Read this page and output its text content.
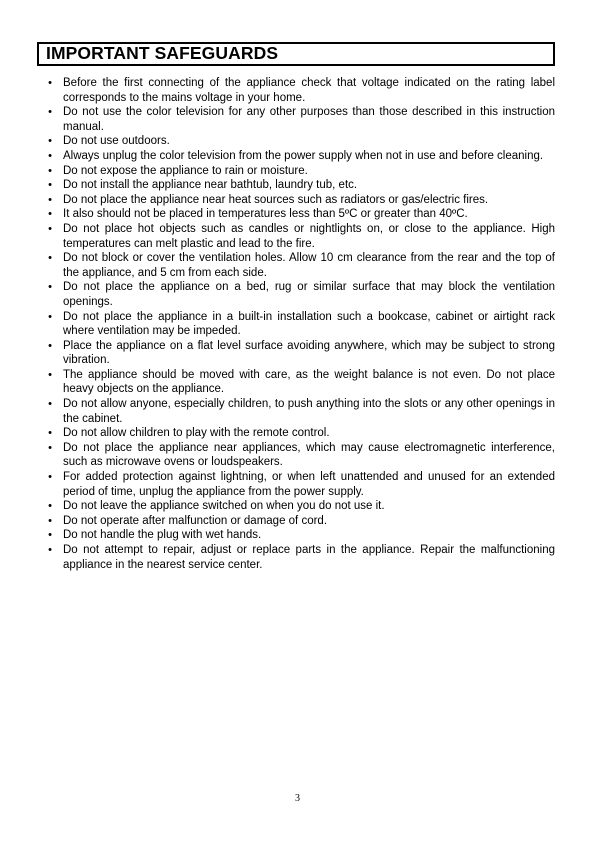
IMPORTANT SAFEGUARDS
• Before the first connecting of the appliance check that voltage indicated on the rating label corresponds to the mains voltage in your home.
• Do not use the color television for any other purposes than those described in this instruction manual.
• Do not use outdoors.
• Always unplug the color television from the power supply when not in use and before cleaning.
• Do not expose the appliance to rain or moisture.
• Do not install the appliance near bathtub, laundry tub, etc.
• Do not place the appliance near heat sources such as radiators or gas/electric fires.
• It also should not be placed in temperatures less than 5ºC or greater than 40ºC.
• Do not place hot objects such as candles or nightlights on, or close to the appliance. High temperatures can melt plastic and lead to the fire.
• Do not block or cover the ventilation holes. Allow 10 cm clearance from the rear and the top of the appliance, and 5 cm from each side.
• Do not place the appliance on a bed, rug or similar surface that may block the ventilation openings.
• Do not place the appliance in a built-in installation such a bookcase, cabinet or airtight rack where ventilation may be impeded.
• Place the appliance on a flat level surface avoiding anywhere, which may be subject to strong vibration.
• The appliance should be moved with care, as the weight balance is not even. Do not place heavy objects on the appliance.
• Do not allow anyone, especially children, to push anything into the slots or any other openings in the cabinet.
• Do not allow children to play with the remote control.
• Do not place the appliance near appliances, which may cause electromagnetic interference, such as microwave ovens or loudspeakers.
• For added protection against lightning, or when left unattended and unused for an extended period of time, unplug the appliance from the power supply.
• Do not leave the appliance switched on when you do not use it.
• Do not operate after malfunction or damage of cord.
• Do not handle the plug with wet hands.
• Do not attempt to repair, adjust or replace parts in the appliance. Repair the malfunctioning appliance in the nearest service center.
3
